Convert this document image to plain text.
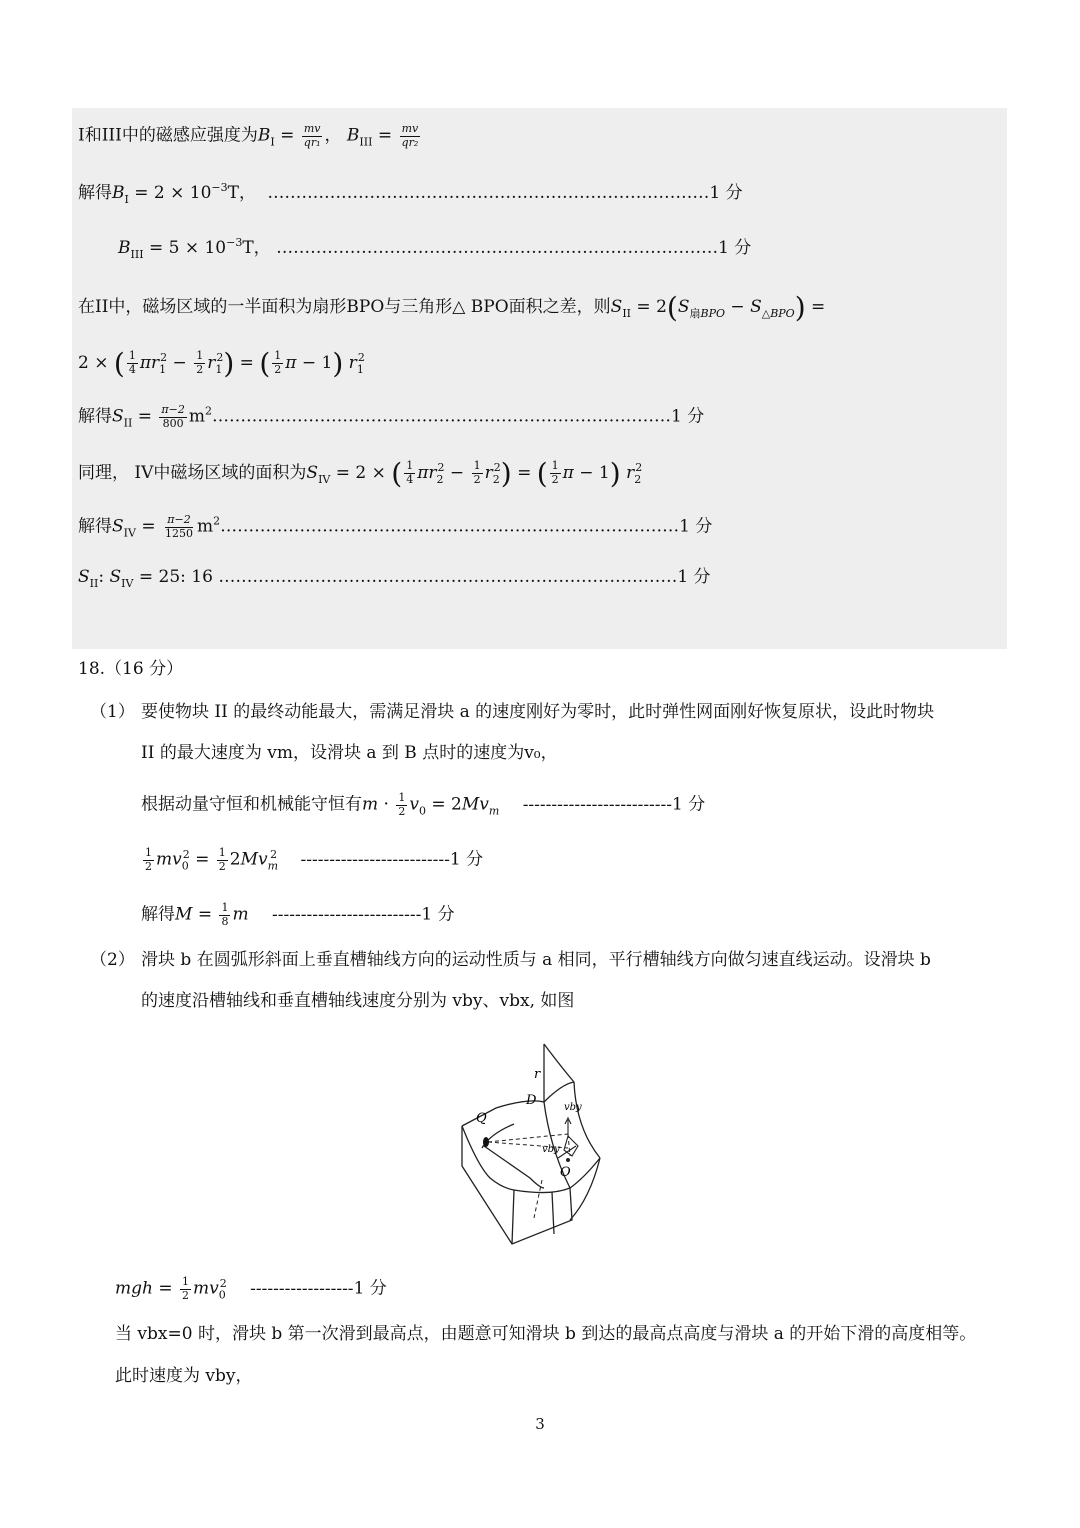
I和III中的磁感应强度为$B_I = \frac{mv}{\text{qr₁}}$ ， $B_{III} = \frac{mv}{\text{qr₂}}$
解得$B_I = 2 \times 10^{-3}T$， ……………………………………………………………………1 分
$B_{III} = 5 \times 10^{-3}T$， ……………………………………………………………………1 分
在II中，磁场区域的一半面积为扇形BPO与三角形△ BPO面积之差，则$S_{II} = 2(S_{扇BPO} - S_{\triangle BPO})$ =
2 × ( $\frac{1}{4} \pi r_1^2 - \frac{1}{2} r_1^2$) = ( $\frac{1}{2}$ π − 1) $r_1^2$
解得$S_{II} = \frac{\pi-2}{800}$ $m^2\dots\dots\dots\dots\dots\dots\dots\dots\dots\dots\dots\dots\dots\dots\dots\dots\dots\dots\dots\dots\dots\dots\dots\dots\dots\dots\dots 1$ 分
同理， IV中磁场区域的面积为$S_{IV} = 2$ × ( $\frac{1}{4} \pi r_2^2 - \frac{1}{2} r_2^2$) = ( $\frac{1}{2}$ π − 1) $r_2^2$
解得$S_{IV} = \frac{\pi-2}{1250}$ $m^2\dots\dots\dots\dots\dots\dots\dots\dots\dots\dots\dots\dots\dots\dots\dots\dots\dots\dots\dots\dots\dots\dots\dots\dots\dots\dots\dots 1$ 分
$S_{II}$: $S_{IV} = 25$: 16 ………………………………………………………………………1 分
18.（16 分）
（1） 要使物块 II 的最终动能最大，需满足滑块 a 的速度刚好为零时，此时弹性网面刚好恢复原状，设此时物块
II 的最大速度为 vm，设滑块 a 到 B 点时的速度为v₀，
根据动量守恒和机械能守恒有$m \cdot \frac{1}{2} v_0 = 2Mv_m$ --------------------------1 分
$\frac{1}{2} mv_0^2 = \frac{1}{2} 2Mv_m^2$ --------------------------1 分
解得$M = \frac{1}{8}$ m --------------------------1 分
（2） 滑块 b 在圆弧形斜面上垂直槽轴线方向的运动性质与 a 相同，平行槽轴线方向做匀速直线运动。设滑块 b
的速度沿槽轴线和垂直槽轴线速度分别为 vby、vbx, 如图
r
D
Q
O
vby
vby
mgh = $\frac{1}{2} mv_0^2$ ------------------1 分
当 vbx=0 时，滑块 b 第一次滑到最高点，由题意可知滑块 b 到达的最高点高度与滑块 a 的开始下滑的高度相等。
此时速度为 vby，
3
